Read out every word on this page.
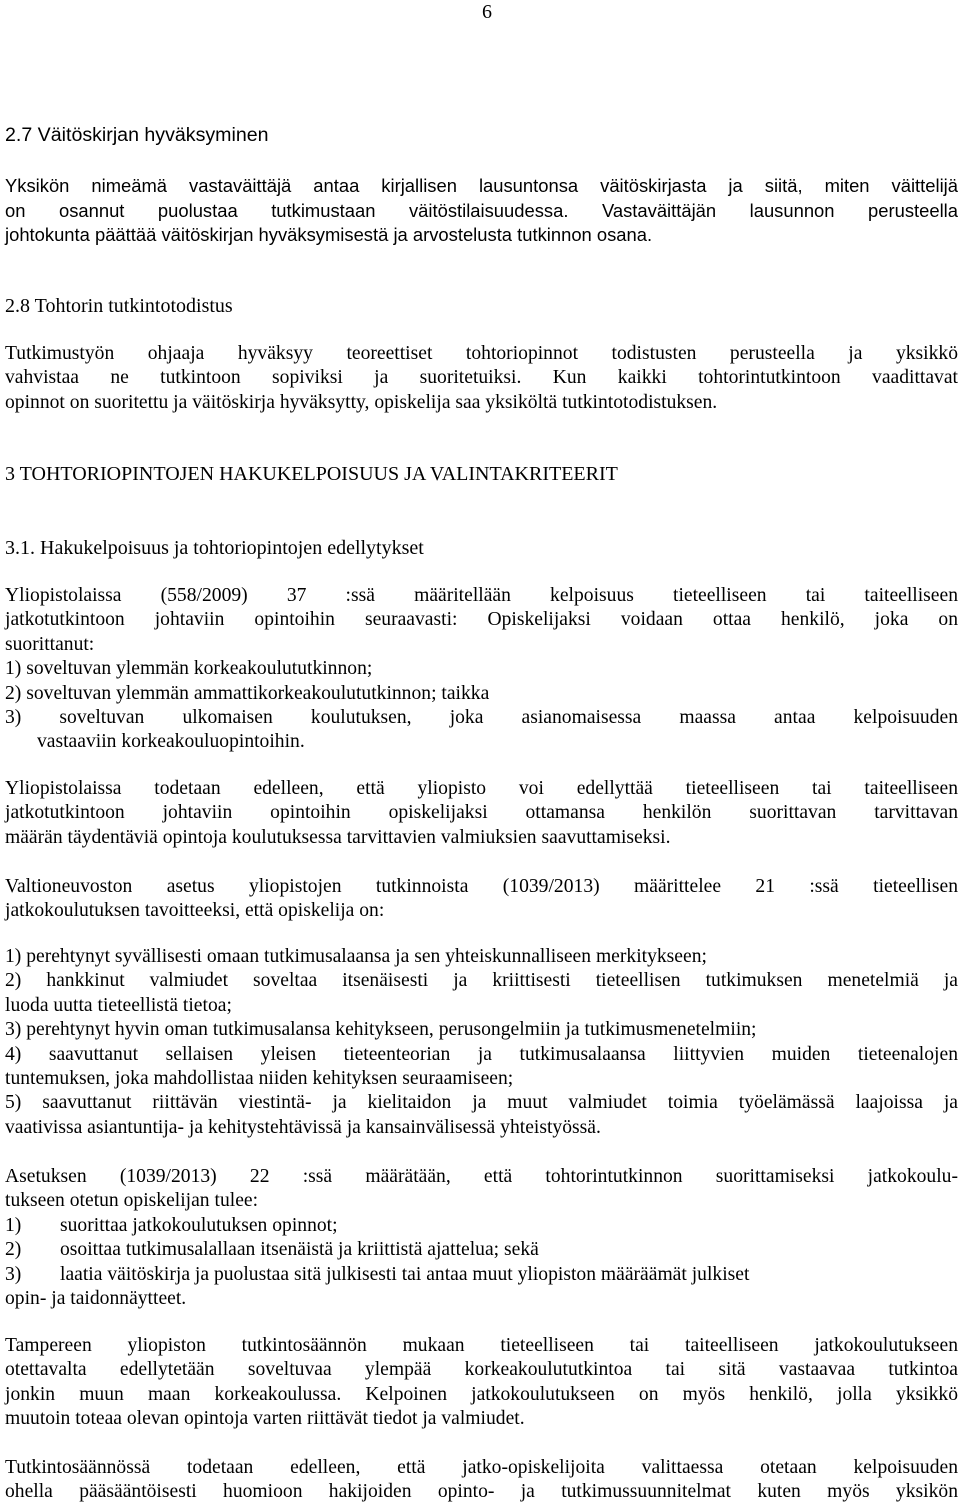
6
2.7 Väitöskirjan hyväksyminen
Yksikön nimeämä vastaväittäjä antaa kirjallisen lausuntonsa väitöskirjasta ja siitä, miten väittelijä
on osannut puolustaa tutkimustaan väitöstilaisuudessa. Vastaväittäjän lausunnon perusteella
johtokunta päättää väitöskirjan hyväksymisestä ja arvostelusta tutkinnon osana.
2.8 Tohtorin tutkintotodistus
Tutkimustyön ohjaaja hyväksyy teoreettiset tohtoriopinnot todistusten perusteella ja yksikkö
vahvistaa ne tutkintoon sopiviksi ja suoritetuiksi. Kun kaikki tohtorintutkintoon vaadittavat
opinnot on suoritettu ja väitöskirja hyväksytty, opiskelija saa yksiköltä tutkintotodistuksen.
3 TOHTORIOPINTOJEN HAKUKELPOISUUS JA VALINTAKRITEERIT
3.1. Hakukelpoisuus ja tohtoriopintojen edellytykset
Yliopistolaissa (558/2009) 37 :ssä määritellään kelpoisuus tieteelliseen tai taiteelliseen
jatkotutkintoon johtaviin opintoihin seuraavasti: Opiskelijaksi voidaan ottaa henkilö, joka on
suorittanut:
1) soveltuvan ylemmän korkeakoulututkinnon;
2) soveltuvan ylemmän ammattikorkeakoulututkinnon; taikka
3) soveltuvan ulkomaisen koulutuksen, joka asianomaisessa maassa antaa kelpoisuuden
vastaaviin korkeakouluopintoihin.
Yliopistolaissa todetaan edelleen, että yliopisto voi edellyttää tieteelliseen tai taiteelliseen
jatkotutkintoon johtaviin opintoihin opiskelijaksi ottamansa henkilön suorittavan tarvittavan
määrän täydentäviä opintoja koulutuksessa tarvittavien valmiuksien saavuttamiseksi.
Valtioneuvoston asetus yliopistojen tutkinnoista (1039/2013) määrittelee 21 :ssä tieteellisen
jatkokoulutuksen tavoitteeksi, että opiskelija on:
1) perehtynyt syvällisesti omaan tutkimusalaansa ja sen yhteiskunnalliseen merkitykseen;
2) hankkinut valmiudet soveltaa itsenäisesti ja kriittisesti tieteellisen tutkimuksen menetelmiä ja
luoda uutta tieteellistä tietoa;
3) perehtynyt hyvin oman tutkimusalansa kehitykseen, perusongelmiin ja tutkimusmenetelmiin;
4) saavuttanut sellaisen yleisen tieteenteorian ja tutkimusalaansa liittyvien muiden tieteenalojen
tuntemuksen, joka mahdollistaa niiden kehityksen seuraamiseen;
5) saavuttanut riittävän viestintä- ja kielitaidon ja muut valmiudet toimia työelämässä laajoissa ja
vaativissa asiantuntija- ja kehitystehtävissä ja kansainvälisessä yhteistyössä.
Asetuksen (1039/2013) 22 :ssä määrätään, että tohtorintutkinnon suorittamiseksi jatkokoulu-
tukseen otetun opiskelijan tulee:
1) suorittaa jatkokoulutuksen opinnot;
2) osoittaa tutkimusalallaan itsenäistä ja kriittistä ajattelua; sekä
3) laatia väitöskirja ja puolustaa sitä julkisesti tai antaa muut yliopiston määräämät julkiset
opin- ja taidonnäytteet.
Tampereen yliopiston tutkintosäännön mukaan tieteelliseen tai taiteelliseen jatkokoulutukseen
otettavalta edellytetään soveltuvaa ylempää korkeakoulututkintoa tai sitä vastaavaa tutkintoa
jonkin muun maan korkeakoulussa. Kelpoinen jatkokoulutukseen on myös henkilö, jolla yksikkö
muutoin toteaa olevan opintoja varten riittävät tiedot ja valmiudet.
Tutkintosäännössä todetaan edelleen, että jatko-opiskelijoita valittaessa otetaan kelpoisuuden
ohella pääsääntöisesti huomioon hakijoiden opinto- ja tutkimussuunnitelmat kuten myös yksikön
